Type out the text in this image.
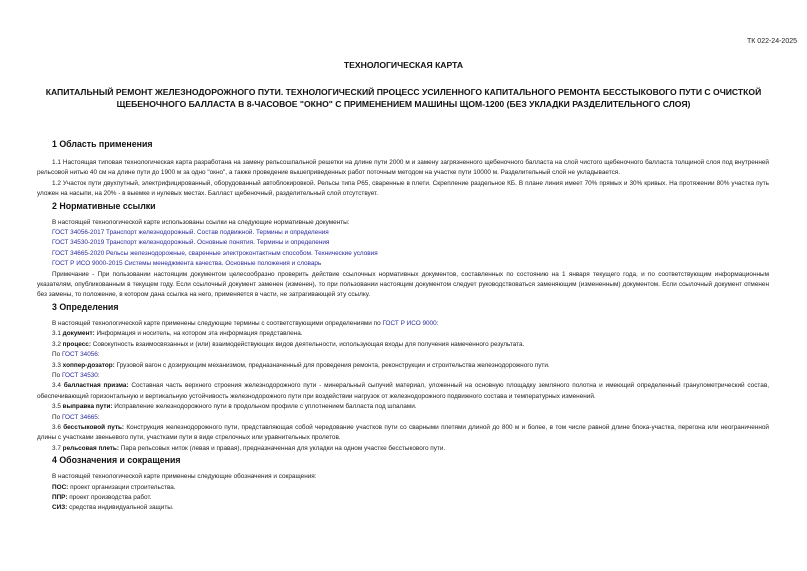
ТК 022-24-2025
ТЕХНОЛОГИЧЕСКАЯ КАРТА
КАПИТАЛЬНЫЙ РЕМОНТ ЖЕЛЕЗНОДОРОЖНОГО ПУТИ. ТЕХНОЛОГИЧЕСКИЙ ПРОЦЕСС УСИЛЕННОГО КАПИТАЛЬНОГО РЕМОНТА БЕССТЫКОВОГО ПУТИ С ОЧИСТКОЙ ЩЕБЕНОЧНОГО БАЛЛАСТА В 8-ЧАСОВОЕ "ОКНО" С ПРИМЕНЕНИЕМ МАШИНЫ ЩОМ-1200 (БЕЗ УКЛАДКИ РАЗДЕЛИТЕЛЬНОГО СЛОЯ)
1 Область применения
1.1 Настоящая типовая технологическая карта разработана на замену рельсошпальной решетки на длине пути 2000 м и замену загрязненного щебеночного балласта на слой чистого щебеночного балласта толщиной слоя под внутренней рельсовой нитью 40 см на длине пути до 1900 м за одно "окно", а также проведение вышеприведенных работ поточным методом на участке пути 10000 м. Разделительный слой не укладывается.
1.2 Участок пути двухпутный, электрифицированный, оборудованный автоблокировкой. Рельсы типа Р65, сваренные в плети. Скрепление раздельное КБ. В плане линия имеет 70% прямых и 30% кривых. На протяжении 80% участка путь уложен на насыпи, на 20% - в выемке и нулевых местах. Балласт щебеночный, разделительный слой отсутствует.
2 Нормативные ссылки
В настоящей технологической карте использованы ссылки на следующие нормативные документы:
ГОСТ 34056-2017 Транспорт железнодорожный. Состав подвижной. Термины и определения
ГОСТ 34530-2019 Транспорт железнодорожный. Основные понятия. Термины и определения
ГОСТ 34665-2020 Рельсы железнодорожные, сваренные электроконтактным способом. Технические условия
ГОСТ Р ИСО 9000-2015 Системы менеджмента качества. Основные положения и словарь
Примечание - При пользовании настоящим документом целесообразно проверить действие ссылочных нормативных документов, составленных по состоянию на 1 января текущего года, и по соответствующим информационным указателям, опубликованным в текущем году. Если ссылочный документ заменен (изменен), то при пользовании настоящим документом следует руководствоваться заменяющим (измененным) документом. Если ссылочный документ отменен без замены, то положение, в котором дана ссылка на него, применяется в части, не затрагивающей эту ссылку.
3 Определения
В настоящей технологической карте применены следующие термины с соответствующими определениями по ГОСТ Р ИСО 9000:
3.1 документ: Информация и носитель, на котором эта информация представлена.
3.2 процесс: Совокупность взаимосвязанных и (или) взаимодействующих видов деятельности, использующая входы для получения намеченного результата.
По ГОСТ 34056:
3.3 хоппер-дозатор: Грузовой вагон с дозирующим механизмом, предназначенный для проведения ремонта, реконструкции и строительства железнодорожного пути.
По ГОСТ 34530:
3.4 балластная призма: Составная часть верхнего строения железнодорожного пути - минеральный сыпучий материал, уложенный на основную площадку земляного полотна и имеющий определенный гранулометрический состав, обеспечивающий горизонтальную и вертикальную устойчивость железнодорожного пути при воздействии нагрузок от железнодорожного подвижного состава и температурных изменений.
3.5 выправка пути: Исправление железнодорожного пути в продольном профиле с уплотнением балласта под шпалами.
По ГОСТ 34665:
3.6 бесстыковой путь: Конструкция железнодорожного пути, представляющая собой чередование участков пути со сварными плетями длиной до 800 м и более, в том числе равной длине блока-участка, перегона или неограниченной длины с участками звеньевого пути, участками пути в виде стрелочных или уравнительных пролетов.
3.7 рельсовая плеть: Пара рельсовых ниток (левая и правая), предназначенная для укладки на одном участке бесстыкового пути.
4 Обозначения и сокращения
В настоящей технологической карте применены следующие обозначения и сокращения:
ПОС: проект организации строительства.
ППР: проект производства работ.
СИЗ: средства индивидуальной защиты.
